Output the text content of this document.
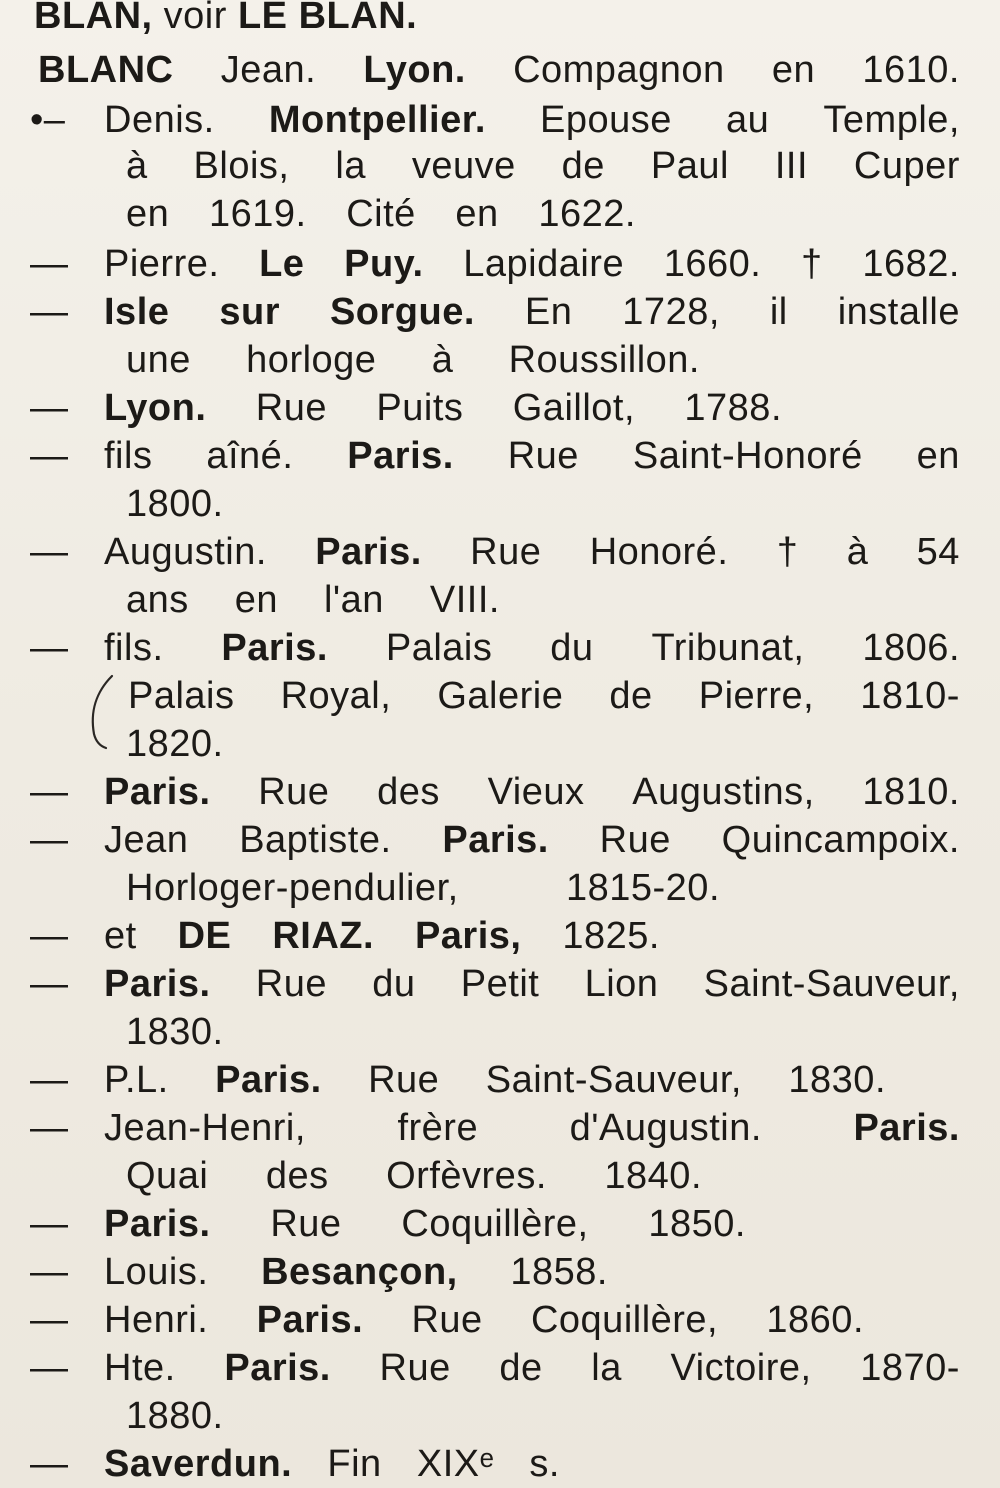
BLAN, voir LE BLAN.
BLANC Jean. Lyon. Compagnon en 1610.
•–	Denis. Montpellier. Epouse au Temple,
à Blois, la veuve de Paul III Cuper
en 1619. Cité en 1622.
— Pierre. Le Puy. Lapidaire 1660. † 1682.
— Isle sur Sorgue. En 1728, il installe
une horloge à Roussillon.
— Lyon. Rue Puits Gaillot, 1788.
— fils aîné. Paris. Rue Saint-Honoré en
1800.
— Augustin. Paris. Rue Honoré. † à 54
ans en l'an VIII.
— fils. Paris. Palais du Tribunat, 1806.
Palais Royal, Galerie de Pierre, 1810-
1820.
— Paris. Rue des Vieux Augustins, 1810.
— Jean Baptiste. Paris. Rue Quincampoix.
Horloger-pendulier,	1815-20.
— et DE RIAZ. Paris, 1825.
— Paris. Rue du Petit Lion Saint-Sauveur,
1830.
— P.L. Paris. Rue Saint-Sauveur, 1830.
— Jean-Henri, frère d'Augustin. Paris.
Quai des Orfèvres. 1840.
— Paris. Rue Coquillère, 1850.
— Louis. Besançon, 1858.
— Henri. Paris. Rue Coquillère, 1860.
— Hte. Paris. Rue de la Victoire, 1870-
1880.
— Saverdun. Fin XIXᵉ s.
